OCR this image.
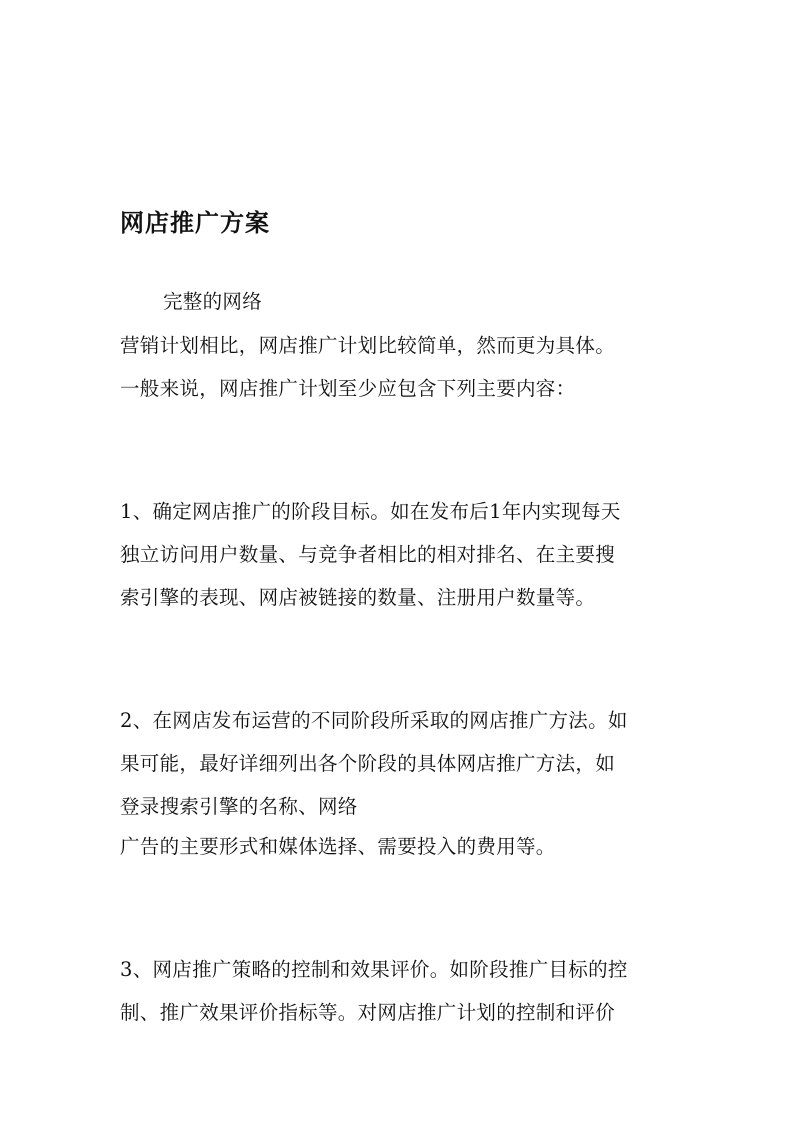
网店推广方案
完整的网络
营销计划相比，网店推广计划比较简单，然而更为具体。
一般来说，网店推广计划至少应包含下列主要内容：
1、确定网店推广的阶段目标。如在发布后1年内实现每天
独立访问用户数量、与竞争者相比的相对排名、在主要搜
索引擎的表现、网店被链接的数量、注册用户数量等。
2、在网店发布运营的不同阶段所采取的网店推广方法。如
果可能，最好详细列出各个阶段的具体网店推广方法，如
登录搜索引擎的名称、网络
广告的主要形式和媒体选择、需要投入的费用等。
3、网店推广策略的控制和效果评价。如阶段推广目标的控
制、推广效果评价指标等。对网店推广计划的控制和评价
